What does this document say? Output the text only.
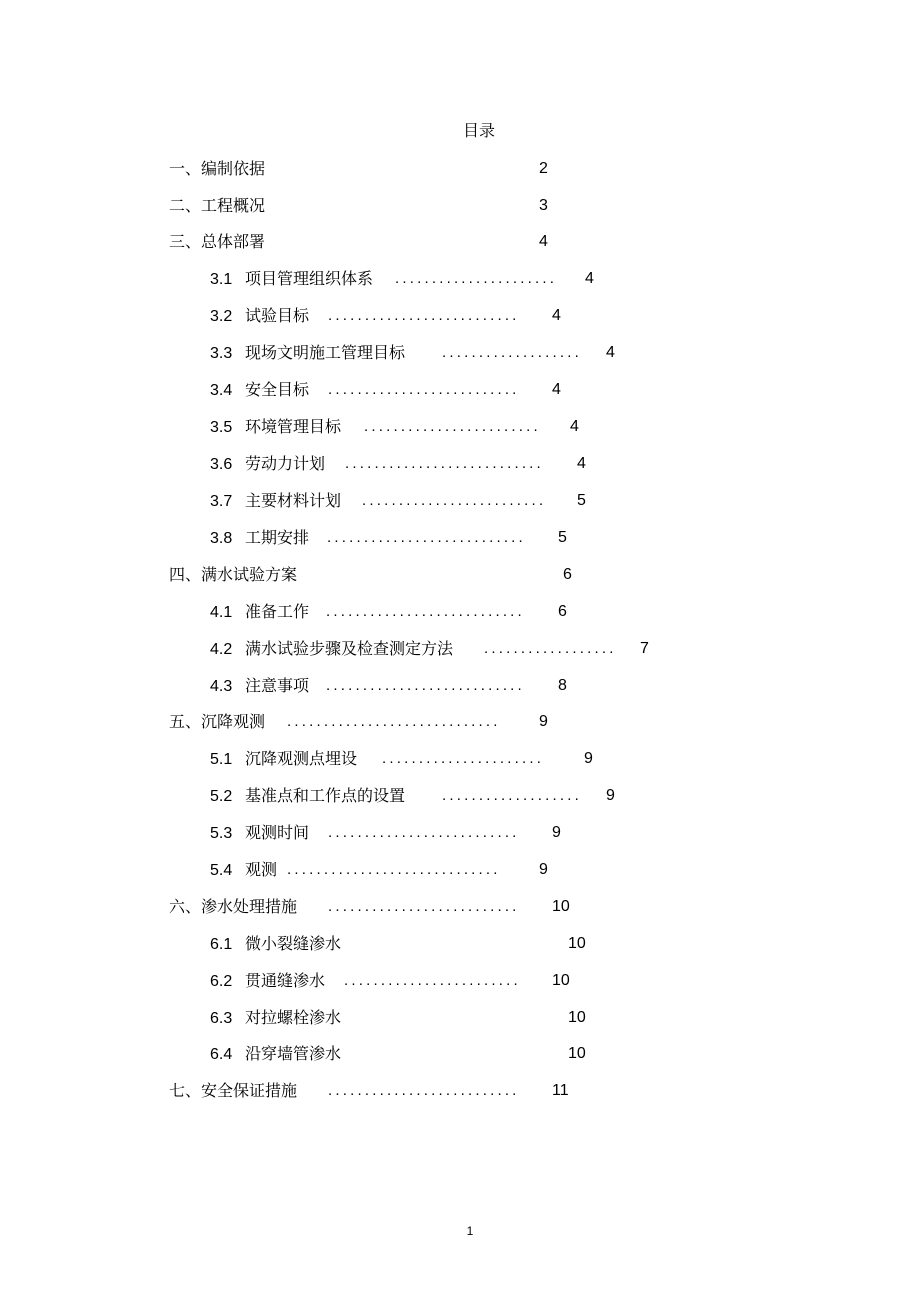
目录
一、编制依据	2
二、工程概况	3
三、总体部署	4
3.1 项目管理组织体系 ...................... 4
3.2 试验目标 .......................... 4
3.3 现场文明施工管理目标 ................... 4
3.4 安全目标 .......................... 4
3.5 环境管理目标 ........................ 4
3.6 劳动力计划 ........................... 4
3.7 主要材料计划 ......................... 5
3.8 工期安排 ........................... 5
四、满水试验方案	6
4.1 准备工作 ........................... 6
4.2 满水试验步骤及检查测定方法 .................. 7
4.3 注意事项 ........................... 8
五、沉降观测 ............................. 9
5.1 沉降观测点埋设 ...................... 9
5.2 基准点和工作点的设置 ................... 9
5.3 观测时间 .......................... 9
5.4 观测 ............................. 9
六、渗水处理措施 .......................... 10
6.1 微小裂缝渗水	10
6.2 贯通缝渗水 ........................ 10
6.3 对拉螺栓渗水	10
6.4 沿穿墙管渗水	10
七、安全保证措施 .......................... 11
1
